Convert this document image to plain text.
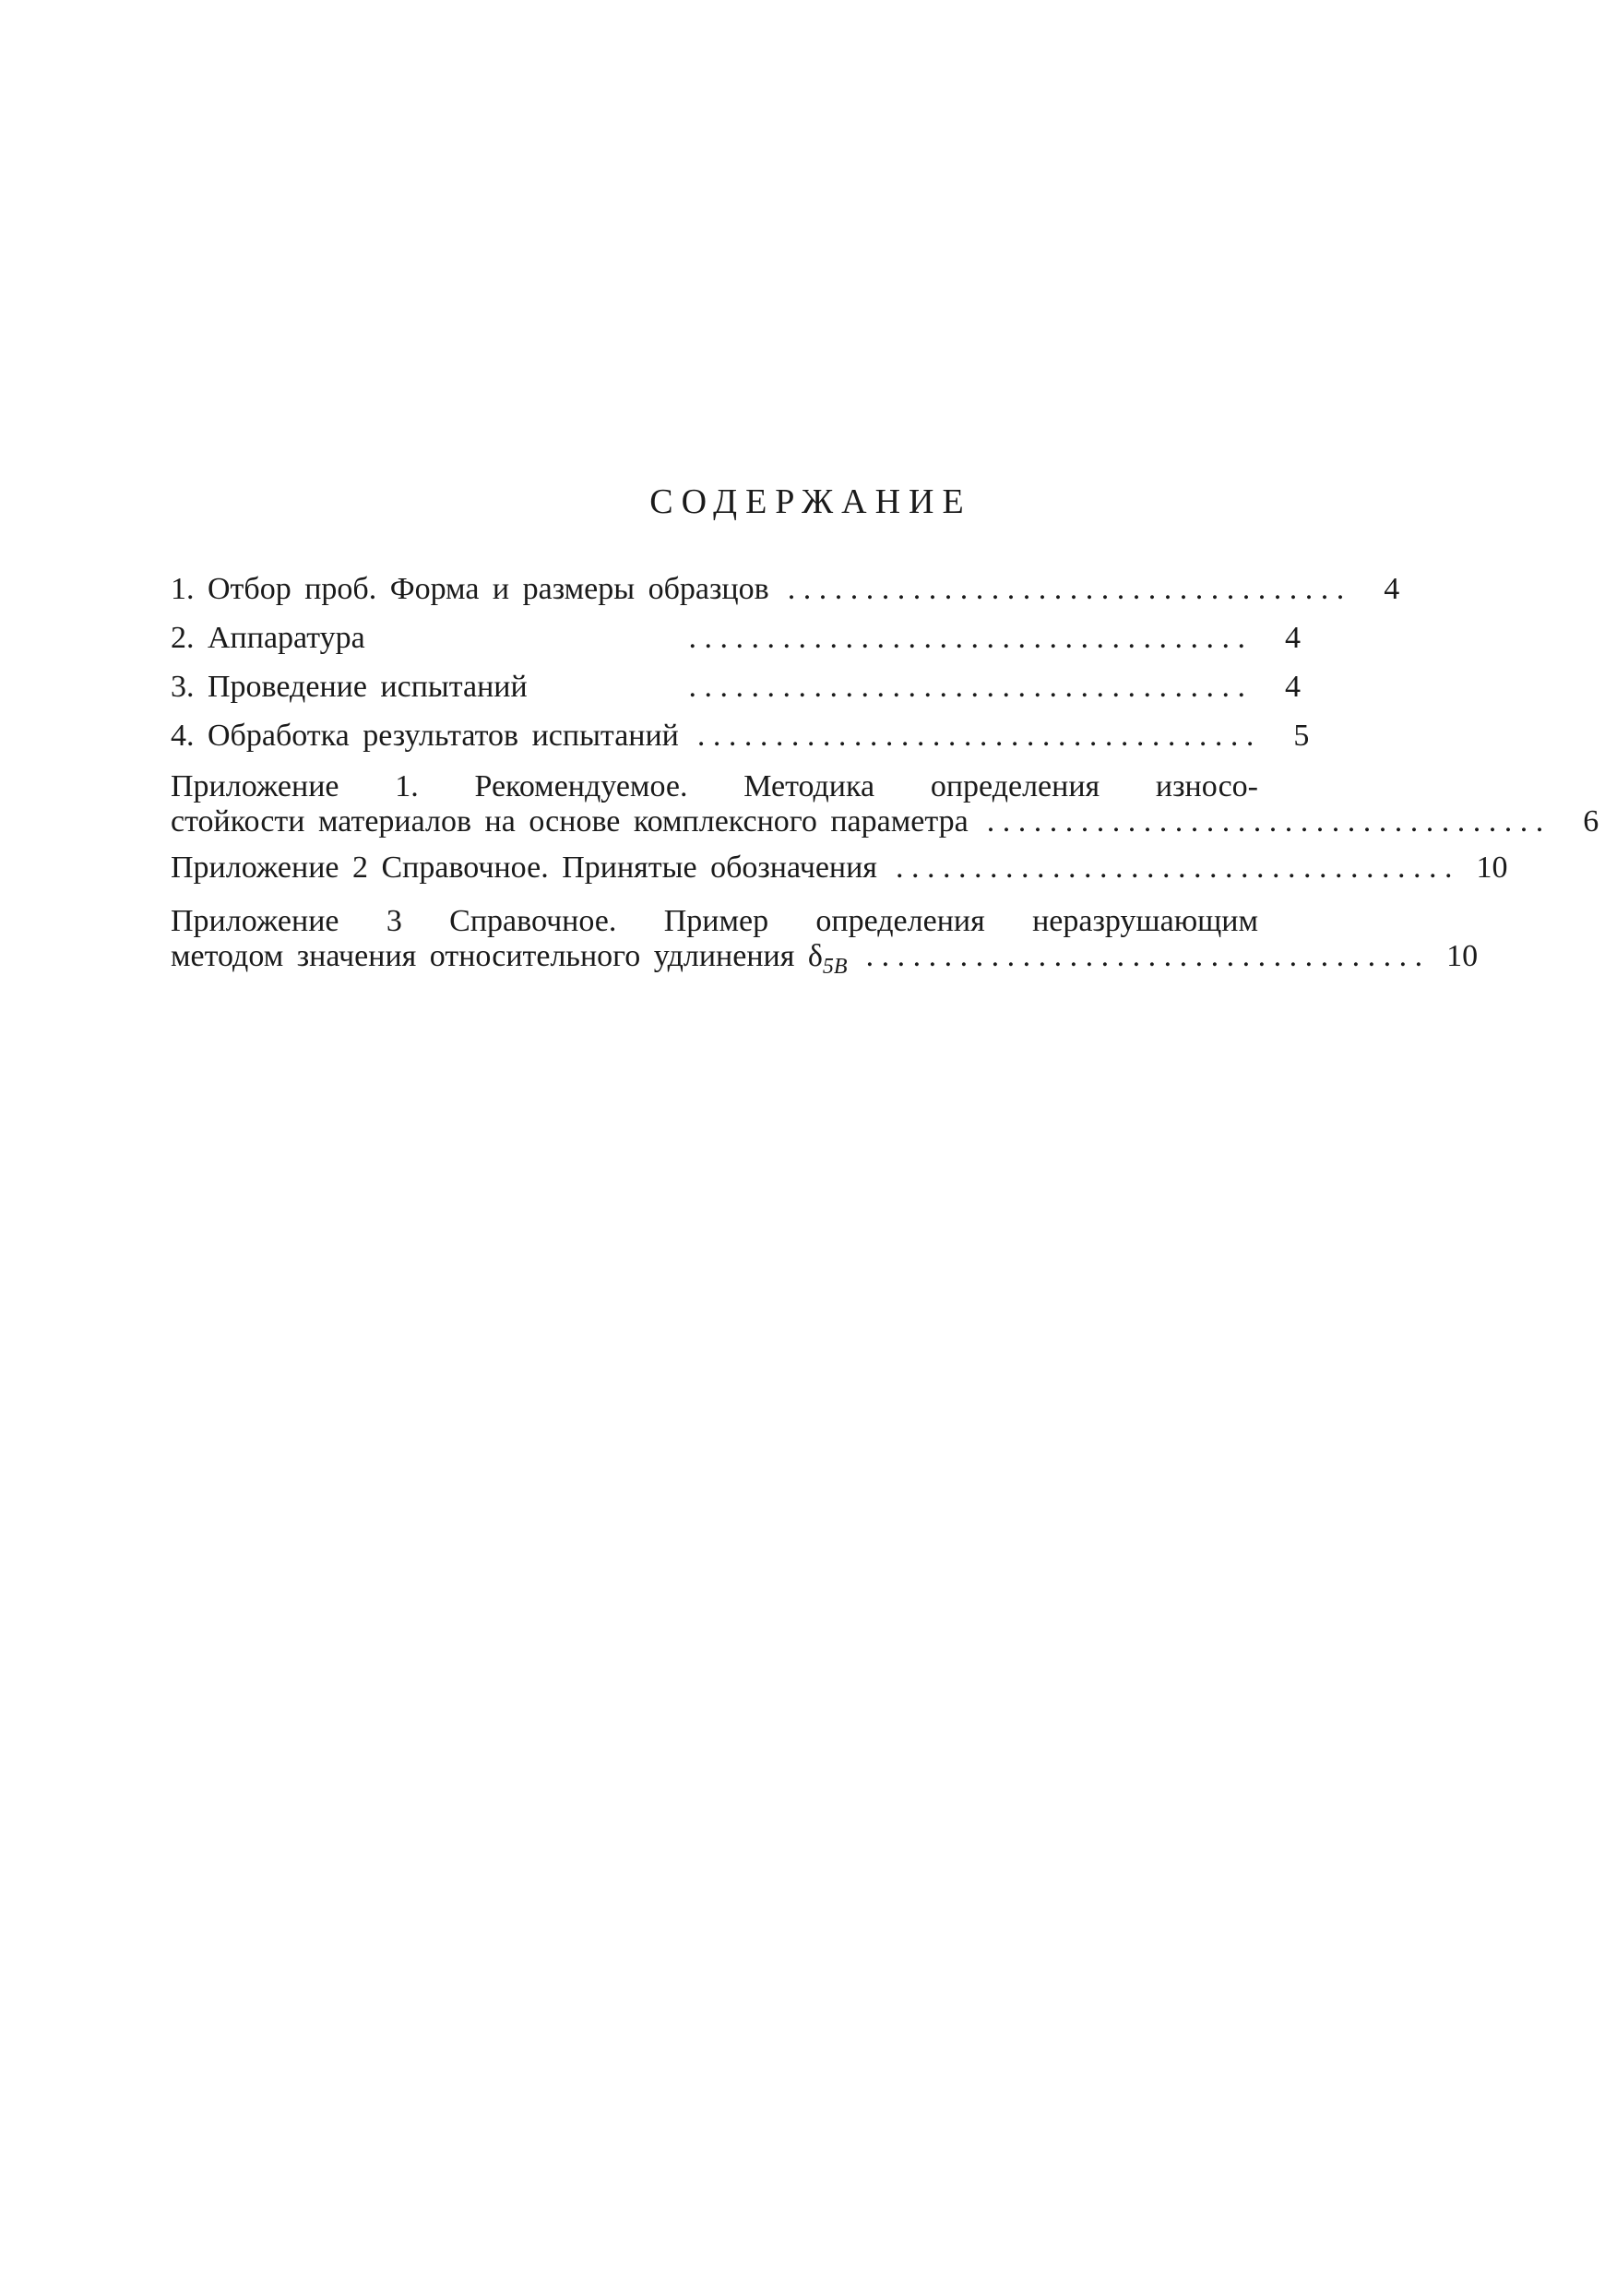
СОДЕРЖАНИЕ
1. Отбор проб. Форма и размеры образцов . . . . . . . . . . . . . . . . . . . . . . . . . . . . . . . . . . . .	4
2. Аппаратура	. . . . . . . . . . . . . . . . . . . . . . . . . . . . . . . . . . . .	4
3. Проведение испытаний	. . . . . . . . . . . . . . . . . . . . . . . . . . . . . . . . . . . .	4
4. Обработка результатов испытаний . . . . . . . . . . . . . . . . . . . . . . . . . . . . . . . . . . . .	5
Приложение 1. Рекомендуемое. Методика определения износо-
стойкости материалов на основе комплексного параметра . . . . . . . . . . . . . . . . . . . . . . . . . . . . . . . . . . . .	6
Приложение 2 Справочное. Принятые обозначения . . . . . . . . . . . . . . . . . . . . . . . . . . . . . . . . . . . . 10
Приложение 3 Справочное. Пример определения неразрушающим
методом значения относительного удлинения $\delta_{5B}$ . . . . . . . . . . . . . . . . . . . . . . . . . . . . . . . . . . . . 10
